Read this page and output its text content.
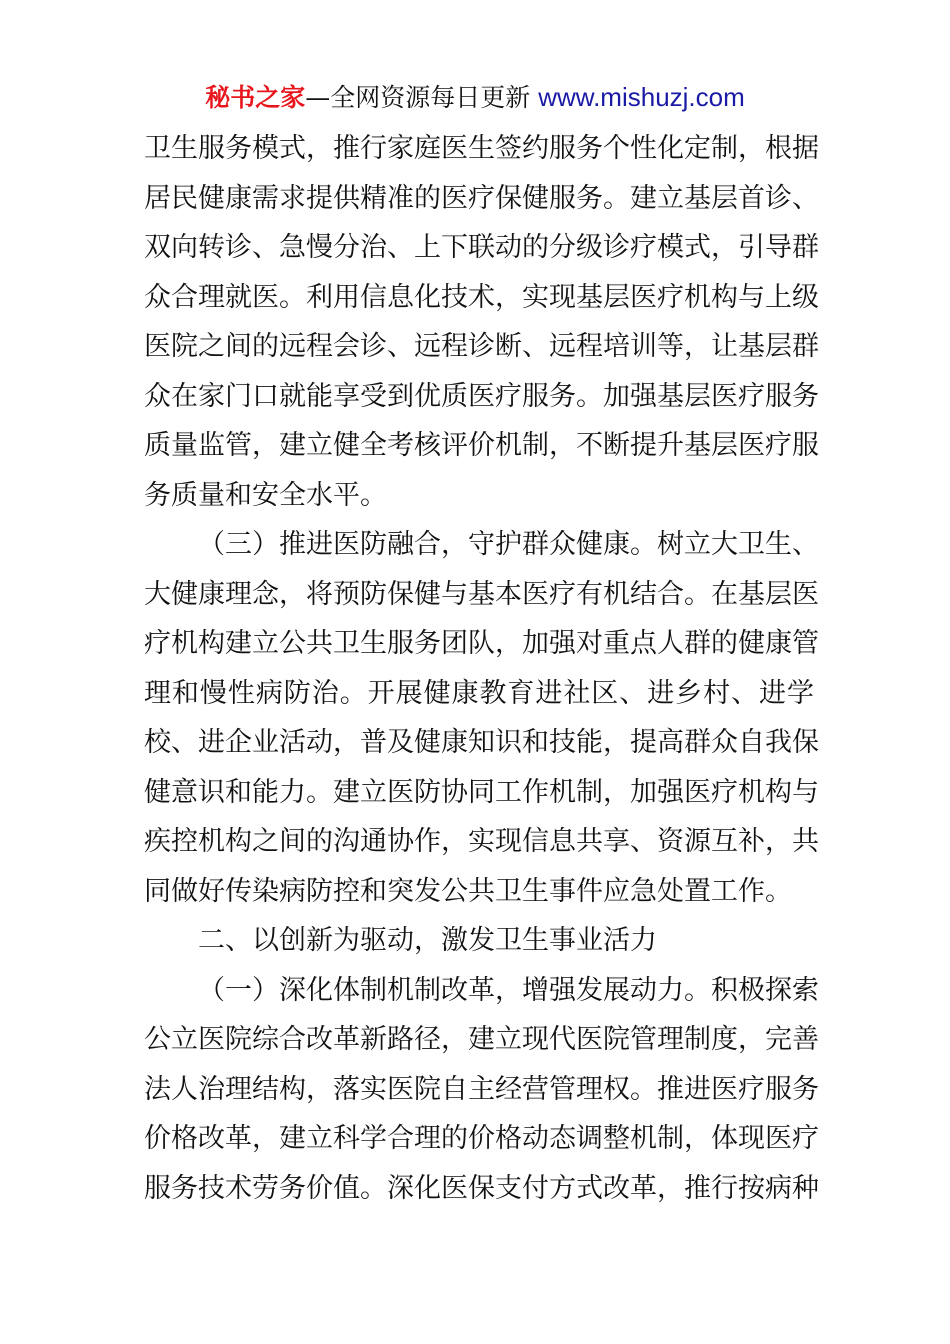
秘书之家—全网资源每日更新 www.mishuzj.com
卫生服务模式，推行家庭医生签约服务个性化定制，根据
居民健康需求提供精准的医疗保健服务。建立基层首诊、
双向转诊、急慢分治、上下联动的分级诊疗模式，引导群
众合理就医。利用信息化技术，实现基层医疗机构与上级
医院之间的远程会诊、远程诊断、远程培训等，让基层群
众在家门口就能享受到优质医疗服务。加强基层医疗服务
质量监管，建立健全考核评价机制，不断提升基层医疗服
务质量和安全水平。
（三）推进医防融合，守护群众健康。树立大卫生、
大健康理念，将预防保健与基本医疗有机结合。在基层医
疗机构建立公共卫生服务团队，加强对重点人群的健康管
理和慢性病防治。开展健康教育进社区、进乡村、进学
校、进企业活动，普及健康知识和技能，提高群众自我保
健意识和能力。建立医防协同工作机制，加强医疗机构与
疾控机构之间的沟通协作，实现信息共享、资源互补，共
同做好传染病防控和突发公共卫生事件应急处置工作。
二、以创新为驱动，激发卫生事业活力
（一）深化体制机制改革，增强发展动力。积极探索
公立医院综合改革新路径，建立现代医院管理制度，完善
法人治理结构，落实医院自主经营管理权。推进医疗服务
价格改革，建立科学合理的价格动态调整机制，体现医疗
服务技术劳务价值。深化医保支付方式改革，推行按病种
